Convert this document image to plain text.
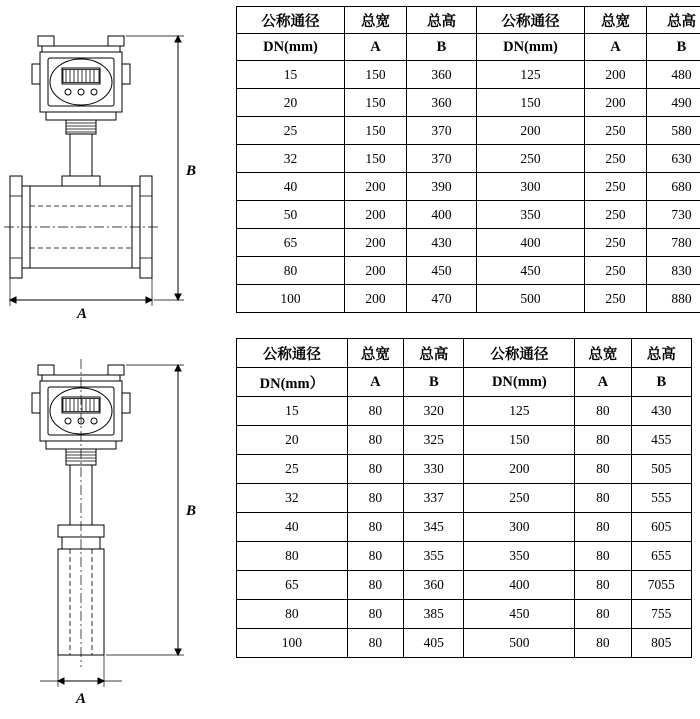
B
A
B
A
公称通径	总宽	总高	公称通径	总宽	总高
DN(mm)	A	B	DN(mm)	A	B
15	150	360	125	200	480
20	150	360	150	200	490
25	150	370	200	250	580
32	150	370	250	250	630
40	200	390	300	250	680
50	200	400	350	250	730
65	200	430	400	250	780
80	200	450	450	250	830
100	200	470	500	250	880
公称通径	总宽	总高	公称通径	总宽	总高
DN(mm）	A	B	DN(mm)	A	B
15	80	320	125	80	430
20	80	325	150	80	455
25	80	330	200	80	505
32	80	337	250	80	555
40	80	345	300	80	605
80	80	355	350	80	655
65	80	360	400	80	7055
80	80	385	450	80	755
100	80	405	500	80	805
